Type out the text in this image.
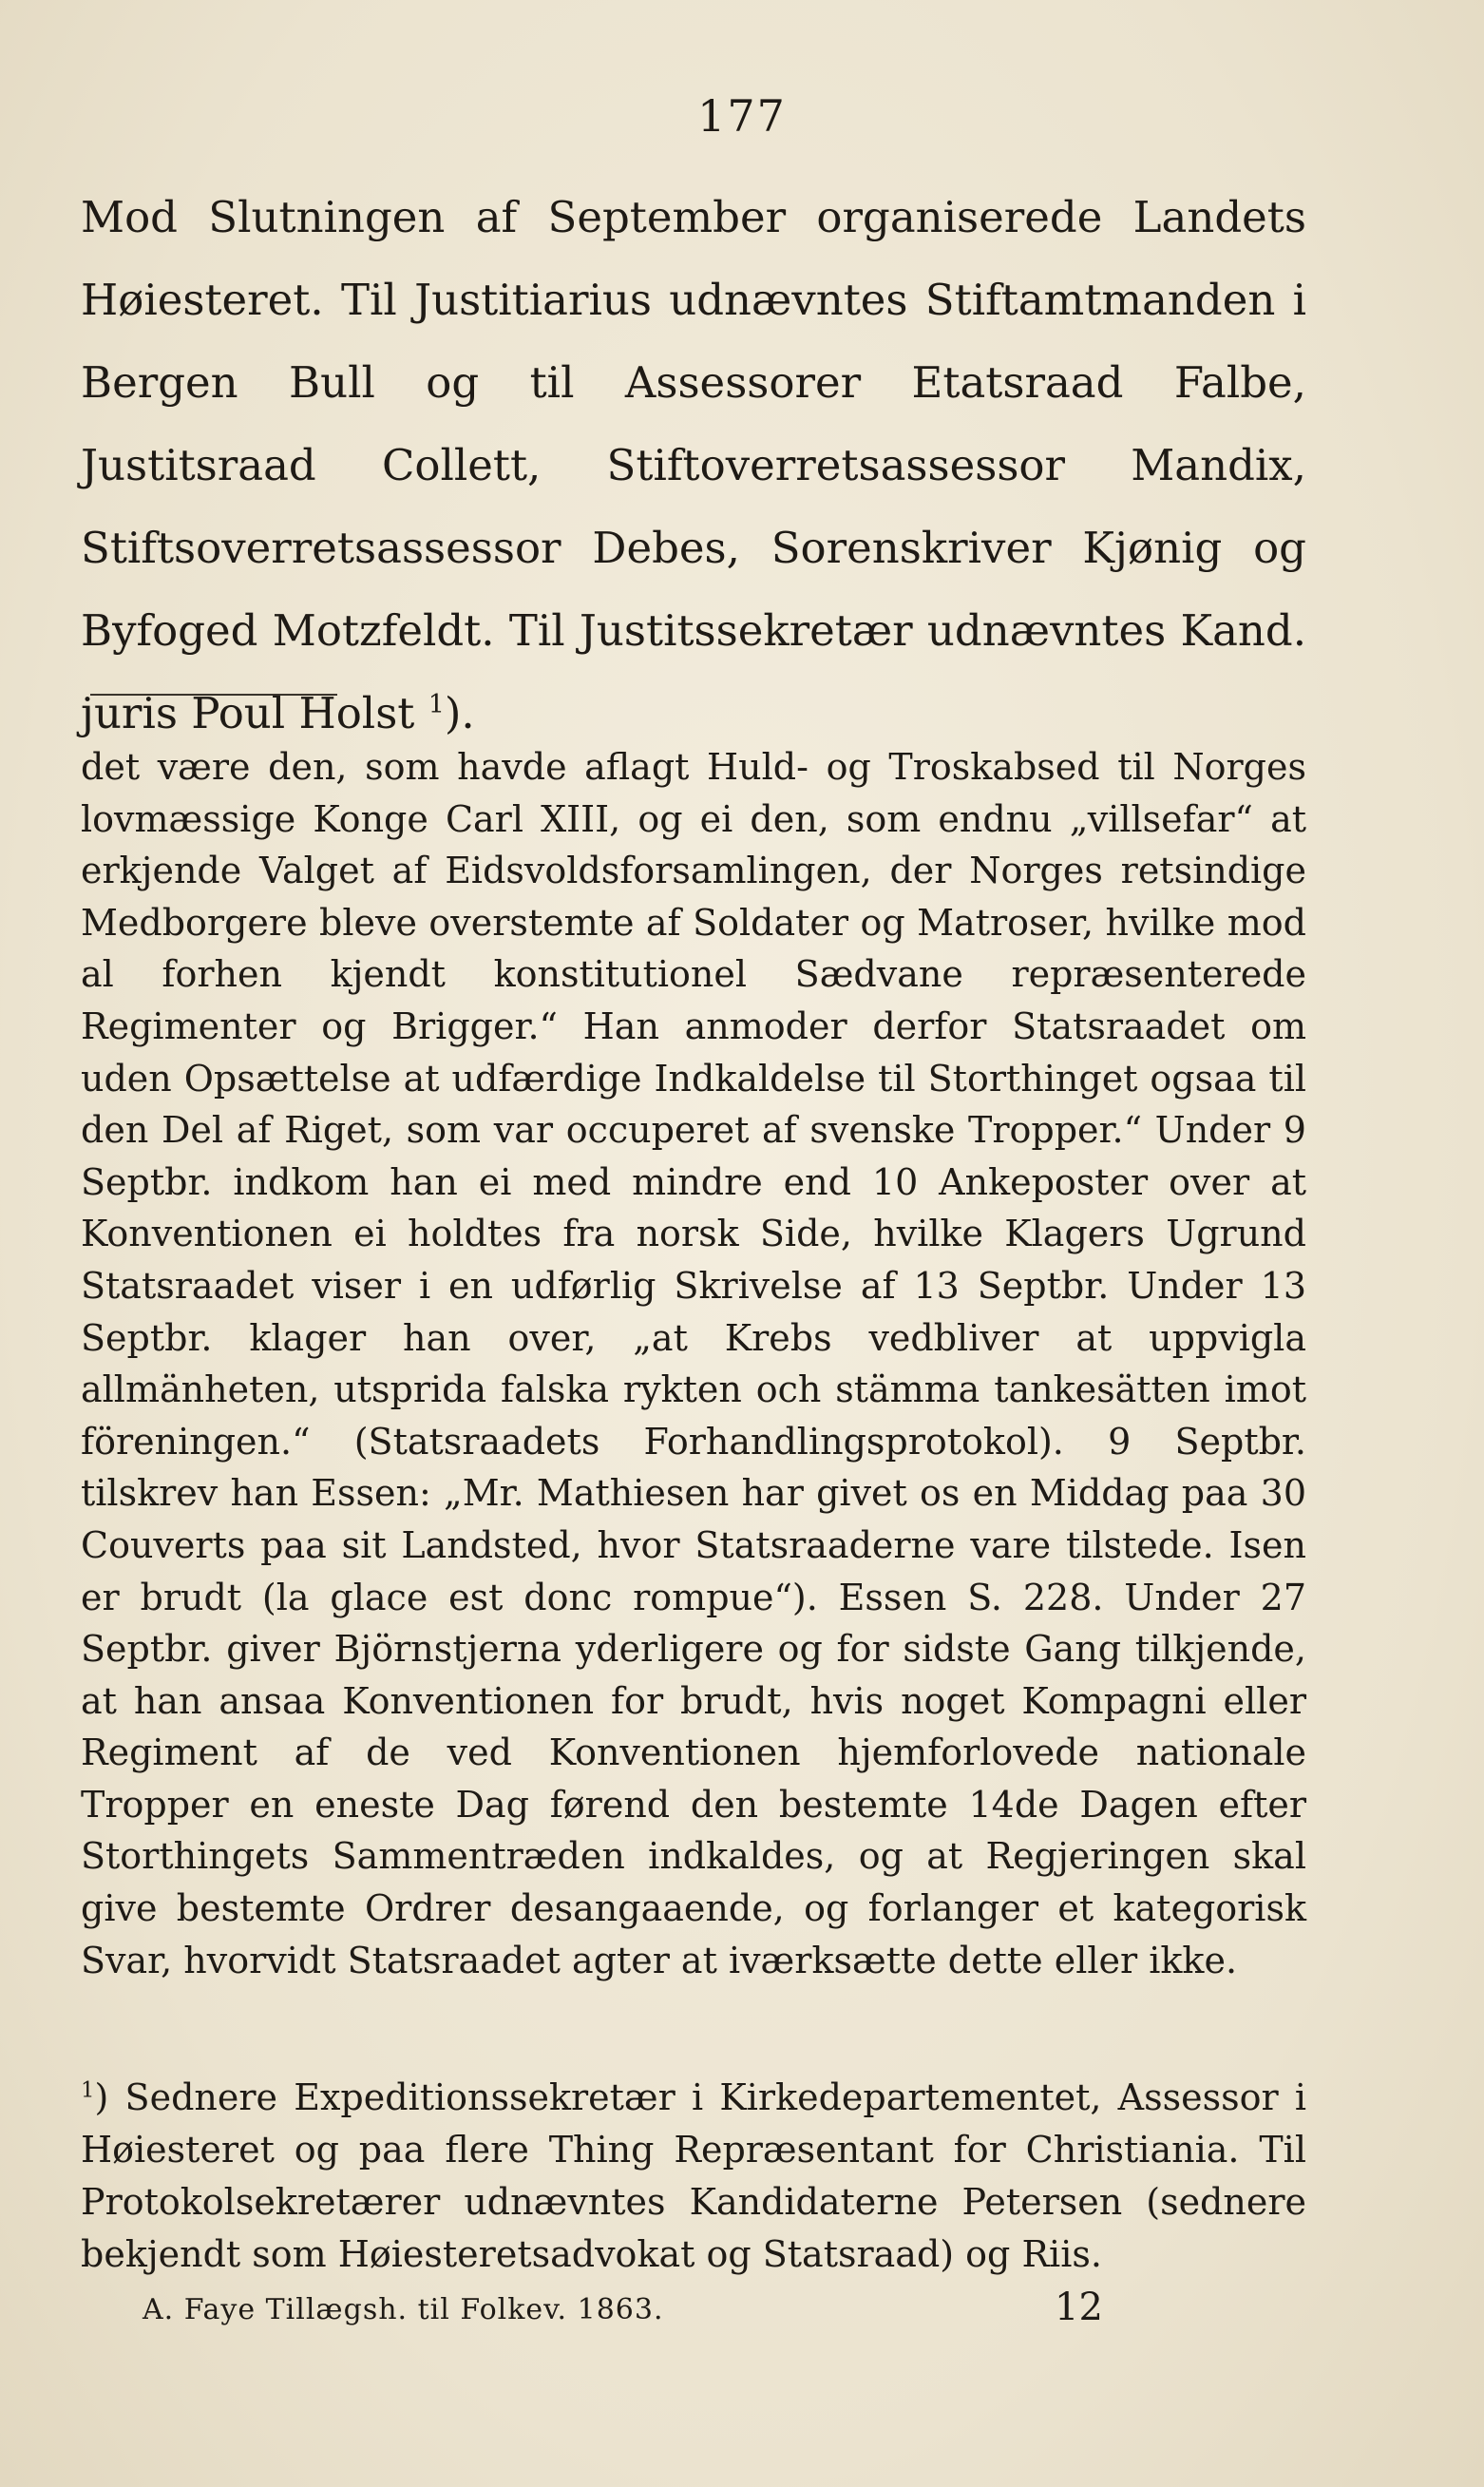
177
Mod Slutningen af September organiserede Landets Høiesteret. Til Justitiarius udnævntes Stiftamtmanden i Bergen Bull og til Assessorer Etatsraad Falbe, Justitsraad Collett, Stiftoverretsassessor Mandix, Stiftsoverretsassessor Debes, Sorenskriver Kjønig og Byfoged Motzfeldt. Til Justitssekretær udnævntes Kand. juris Poul Holst $^1$).

det være den, som havde aflagt Huld- og Troskabsed til Norges lovmæssige Konge Carl XIII, og ei den, som endnu „villsefar“ at erkjende Valget af Eidsvoldsforsamlingen, der Norges retsindige Medborgere bleve overstemte af Soldater og Matroser, hvilke mod al forhen kjendt konstitutionel Sædvane repræsenterede Regimenter og Brigger.“ Han anmoder derfor Statsraadet om uden Opsættelse at udfærdige Indkaldelse til Storthinget ogsaa til den Del af Riget, som var occuperet af svenske Tropper.“ Under 9 Septbr. indkom han ei med mindre end 10 Ankeposter over at Konventionen ei holdtes fra norsk Side, hvilke Klagers Ugrund Statsraadet viser i en udførlig Skrivelse af 13 Septbr. Under 13 Septbr. klager han over, „at Krebs vedbliver at uppvigla allmänheten, utsprida falska rykten och stämma tankesätten imot föreningen.“ (Statsraadets Forhandlingsprotokol). 9 Septbr. tilskrev han Essen: „Mr. Mathiesen har givet os en Middag paa 30 Couverts paa sit Landsted, hvor Statsraaderne vare tilstede. Isen er brudt (la glace est donc rompue“). Essen S. 228. Under 27 Septbr. giver Björnstjerna yderligere og for sidste Gang tilkjende, at han ansaa Konventionen for brudt, hvis noget Kompagni eller Regiment af de ved Konventionen hjemforlovede nationale Tropper en eneste Dag førend den bestemte 14de Dagen efter Storthingets Sammentræden indkaldes, og at Regjeringen skal give bestemte Ordrer desangaaende, og forlanger et kategorisk Svar, hvorvidt Statsraadet agter at iværksætte dette eller ikke.

$^1$) Sednere Expeditionssekretær i Kirkedepartementet, Assessor i Høiesteret og paa flere Thing Repræsentant for Christiania. Til Protokolsekretærer udnævntes Kandidaterne Petersen (sednere bekjendt som Høiesteretsadvokat og Statsraad) og Riis.
A. Faye Tillægsh. til Folkev. 1863.	12
